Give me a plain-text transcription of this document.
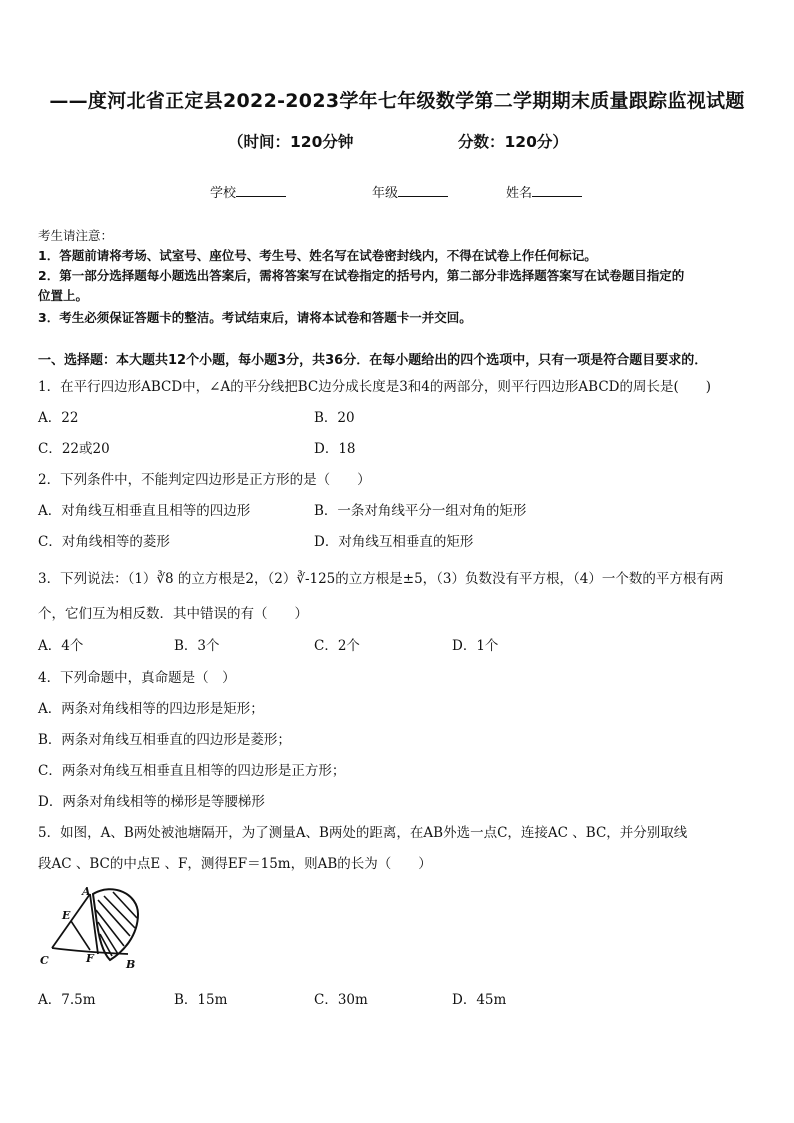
——度河北省正定县2022-2023学年七年级数学第二学期期末质量跟踪监视试题
（时间：120分钟	分数：120分）
学校	年级	姓名
考生请注意：
1．答题前请将考场、试室号、座位号、考生号、姓名写在试卷密封线内，不得在试卷上作任何标记。
2．第一部分选择题每小题选出答案后，需将答案写在试卷指定的括号内，第二部分非选择题答案写在试卷题目指定的
位置上。
3．考生必须保证答题卡的整洁。考试结束后，请将本试卷和答题卡一并交回。
一、选择题：本大题共12个小题，每小题3分，共36分．在每小题给出的四个选项中，只有一项是符合题目要求的．
1．在平行四边形ABCD中，∠A的平分线把BC边分成长度是3和4的两部分，则平行四边形ABCD的周长是(　　)
A．22	B．20
C．22或20	D．18
2．下列条件中，不能判定四边形是正方形的是（　　）
A．对角线互相垂直且相等的四边形	B．一条对角线平分一组对角的矩形
C．对角线相等的菱形	D．对角线互相垂直的矩形
3．下列说法：（1）∛8 的立方根是2，（2）∛-125的立方根是±5，（3）负数没有平方根，（4）一个数的平方根有两
个，它们互为相反数．其中错误的有（　　）
A．4个	B．3个	C．2个	D．1个
4．下列命题中，真命题是（　）
A．两条对角线相等的四边形是矩形；
B．两条对角线互相垂直的四边形是菱形；
C．两条对角线互相垂直且相等的四边形是正方形；
D．两条对角线相等的梯形是等腰梯形
5．如图，A、B两处被池塘隔开，为了测量A、B两处的距离，在AB外选一点C，连接AC 、BC，并分别取线
段AC 、BC的中点E 、F，测得EF＝15m，则AB的长为（　　）
A
E
C	F	B
A．7.5m	B．15m	C．30m	D．45m
